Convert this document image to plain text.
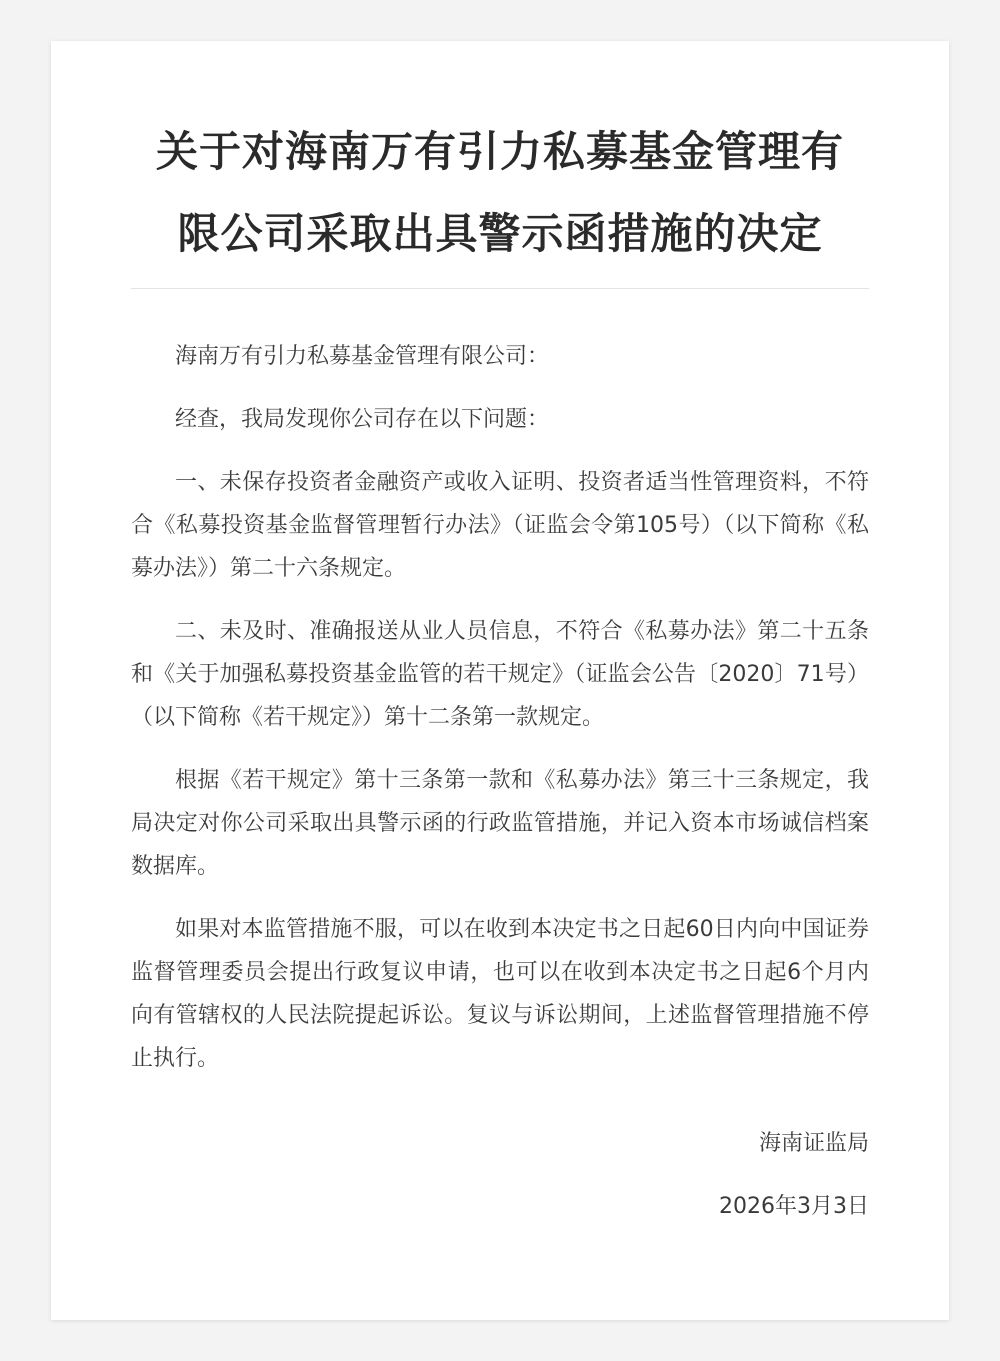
关于对海南万有引力私募基金管理有
限公司采取出具警示函措施的决定

海南万有引力私募基金管理有限公司：

经查，我局发现你公司存在以下问题：

一、未保存投资者金融资产或收入证明、投资者适当性管理资料，不符合《私募投资基金监督管理暂行办法》（证监会令第105号）（以下简称《私募办法》）第二十六条规定。

二、未及时、准确报送从业人员信息，不符合《私募办法》第二十五条和《关于加强私募投资基金监管的若干规定》（证监会公告〔2020〕71号）（以下简称《若干规定》）第十二条第一款规定。

根据《若干规定》第十三条第一款和《私募办法》第三十三条规定，我局决定对你公司采取出具警示函的行政监管措施，并记入资本市场诚信档案数据库。

如果对本监管措施不服，可以在收到本决定书之日起60日内向中国证券监督管理委员会提出行政复议申请，也可以在收到本决定书之日起6个月内向有管辖权的人民法院提起诉讼。复议与诉讼期间，上述监督管理措施不停止执行。

海南证监局

2026年3月3日
